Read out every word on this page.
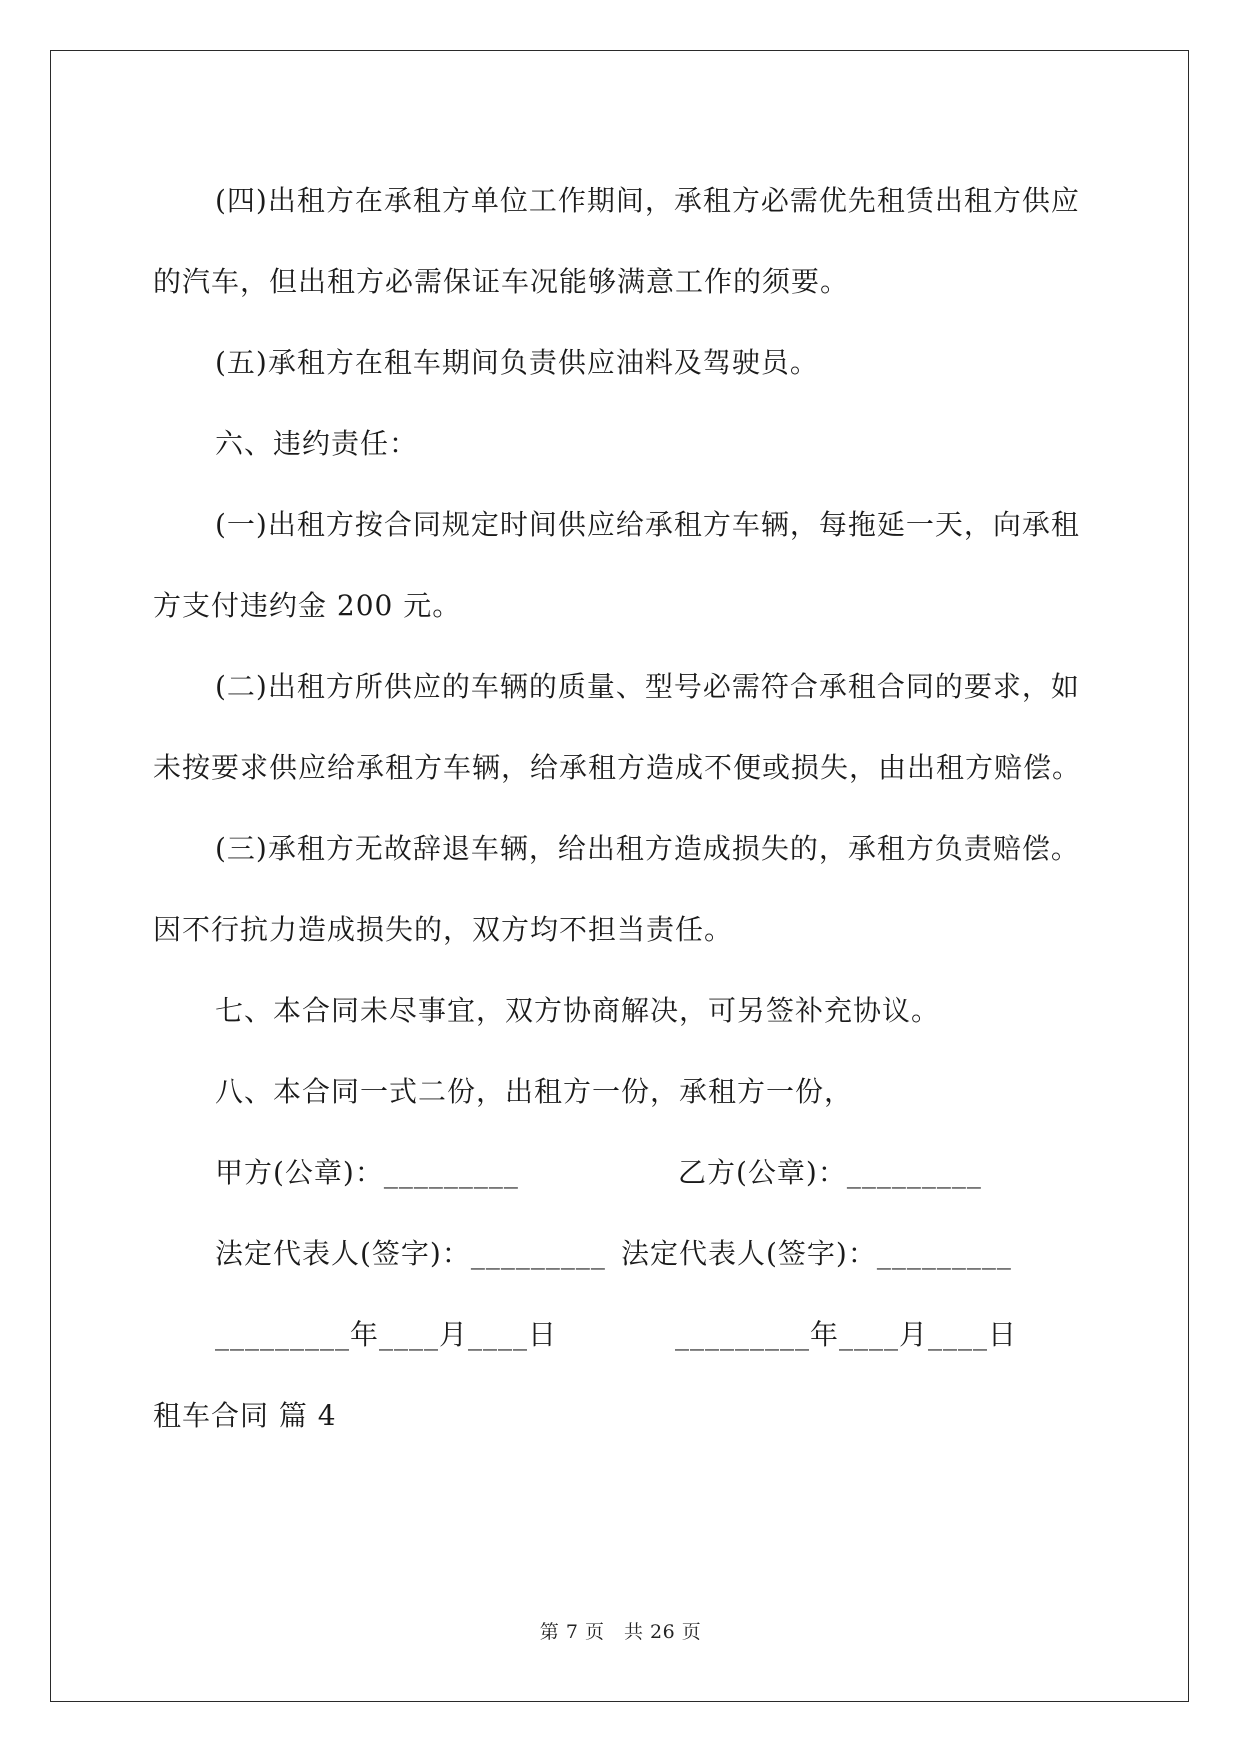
(四)出租方在承租方单位工作期间，承租方必需优先租赁出租方供应的汽车，但出租方必需保证车况能够满意工作的须要。

(五)承租方在租车期间负责供应油料及驾驶员。

六、违约责任：

(一)出租方按合同规定时间供应给承租方车辆，每拖延一天，向承租方支付违约金 200 元。

(二)出租方所供应的车辆的质量、型号必需符合承租合同的要求，如未按要求供应给承租方车辆，给承租方造成不便或损失，由出租方赔偿。

(三)承租方无故辞退车辆，给出租方造成损失的，承租方负责赔偿。因不行抗力造成损失的，双方均不担当责任。

七、本合同未尽事宜，双方协商解决，可另签补充协议。

八、本合同一式二份，出租方一份，承租方一份，

甲方(公章)：_________	乙方(公章)：_________
法定代表人(签字)：_________ 法定代表人(签字)：_________
_________年____月____日	_________年____月____日

租车合同 篇 4

第 7 页　共 26 页
